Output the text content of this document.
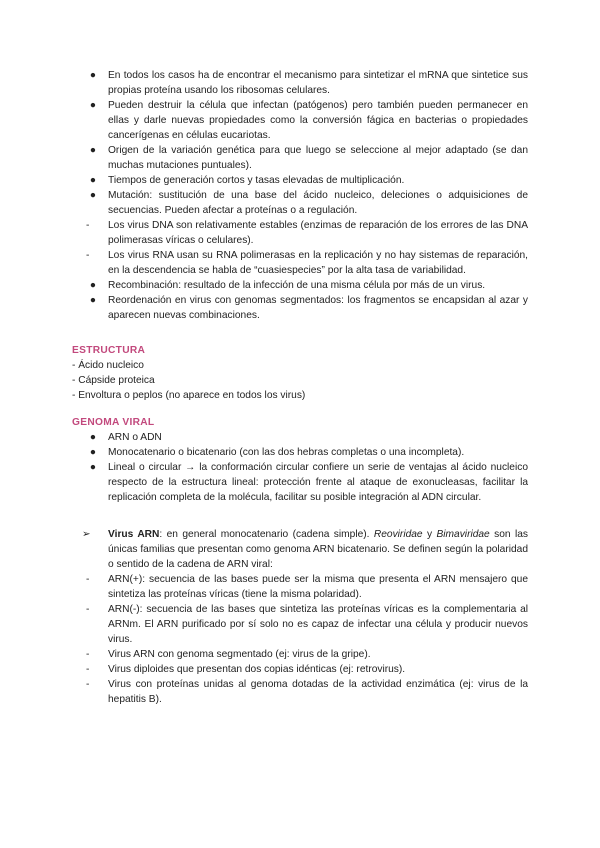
●	En todos los casos ha de encontrar el mecanismo para sintetizar el mRNA que sintetice sus propias proteína usando los ribosomas celulares.
●	Pueden destruir la célula que infectan (patógenos) pero también pueden permanecer en ellas y darle nuevas propiedades como la conversión fágica en bacterias o propiedades cancerígenas en células eucariotas.
●	Origen de la variación genética para que luego se seleccione al mejor adaptado (se dan muchas mutaciones puntuales).
●	Tiempos de generación cortos y tasas elevadas de multiplicación.
●	Mutación: sustitución de una base del ácido nucleico, deleciones o adquisiciones de secuencias. Pueden afectar a proteínas o a regulación.
-	Los virus DNA son relativamente estables (enzimas de reparación de los errores de las DNA polimerasas víricas o celulares).
-	Los virus RNA usan su RNA polimerasas en la replicación y no hay sistemas de reparación, en la descendencia se habla de “cuasiespecies” por la alta tasa de variabilidad.
●	Recombinación: resultado de la infección de una misma célula por más de un virus.
●	Reordenación en virus con genomas segmentados: los fragmentos se encapsidan al azar y aparecen nuevas combinaciones.

ESTRUCTURA

- Ácido nucleico

- Cápside proteica

- Envoltura o peplos (no aparece en todos los virus)

GENOMA VIRAL

●	ARN o ADN
●	Monocatenario o bicatenario (con las dos hebras completas o una incompleta).
●	Lineal o circular → la conformación circular confiere un serie de ventajas al ácido nucleico respecto de la estructura lineal: protección frente al ataque de exonucleasas, facilitar la replicación completa de la molécula, facilitar su posible integración al ADN circular.
➢	Virus ARN: en general monocatenario (cadena simple). Reoviridae y Bimaviridae son las únicas familias que presentan como genoma ARN bicatenario. Se definen según la polaridad o sentido de la cadena de ARN viral:
-	ARN(+): secuencia de las bases puede ser la misma que presenta el ARN mensajero que sintetiza las proteínas víricas (tiene la misma polaridad).
-	ARN(-): secuencia de las bases que sintetiza las proteínas víricas es la complementaria al ARNm. El ARN purificado por sí solo no es capaz de infectar una célula y producir nuevos virus.
-	Virus ARN con genoma segmentado (ej: virus de la gripe).
-	Virus diploides que presentan dos copias idénticas (ej: retrovirus).
-	Virus con proteínas unidas al genoma dotadas de la actividad enzimática (ej: virus de la hepatitis B).
